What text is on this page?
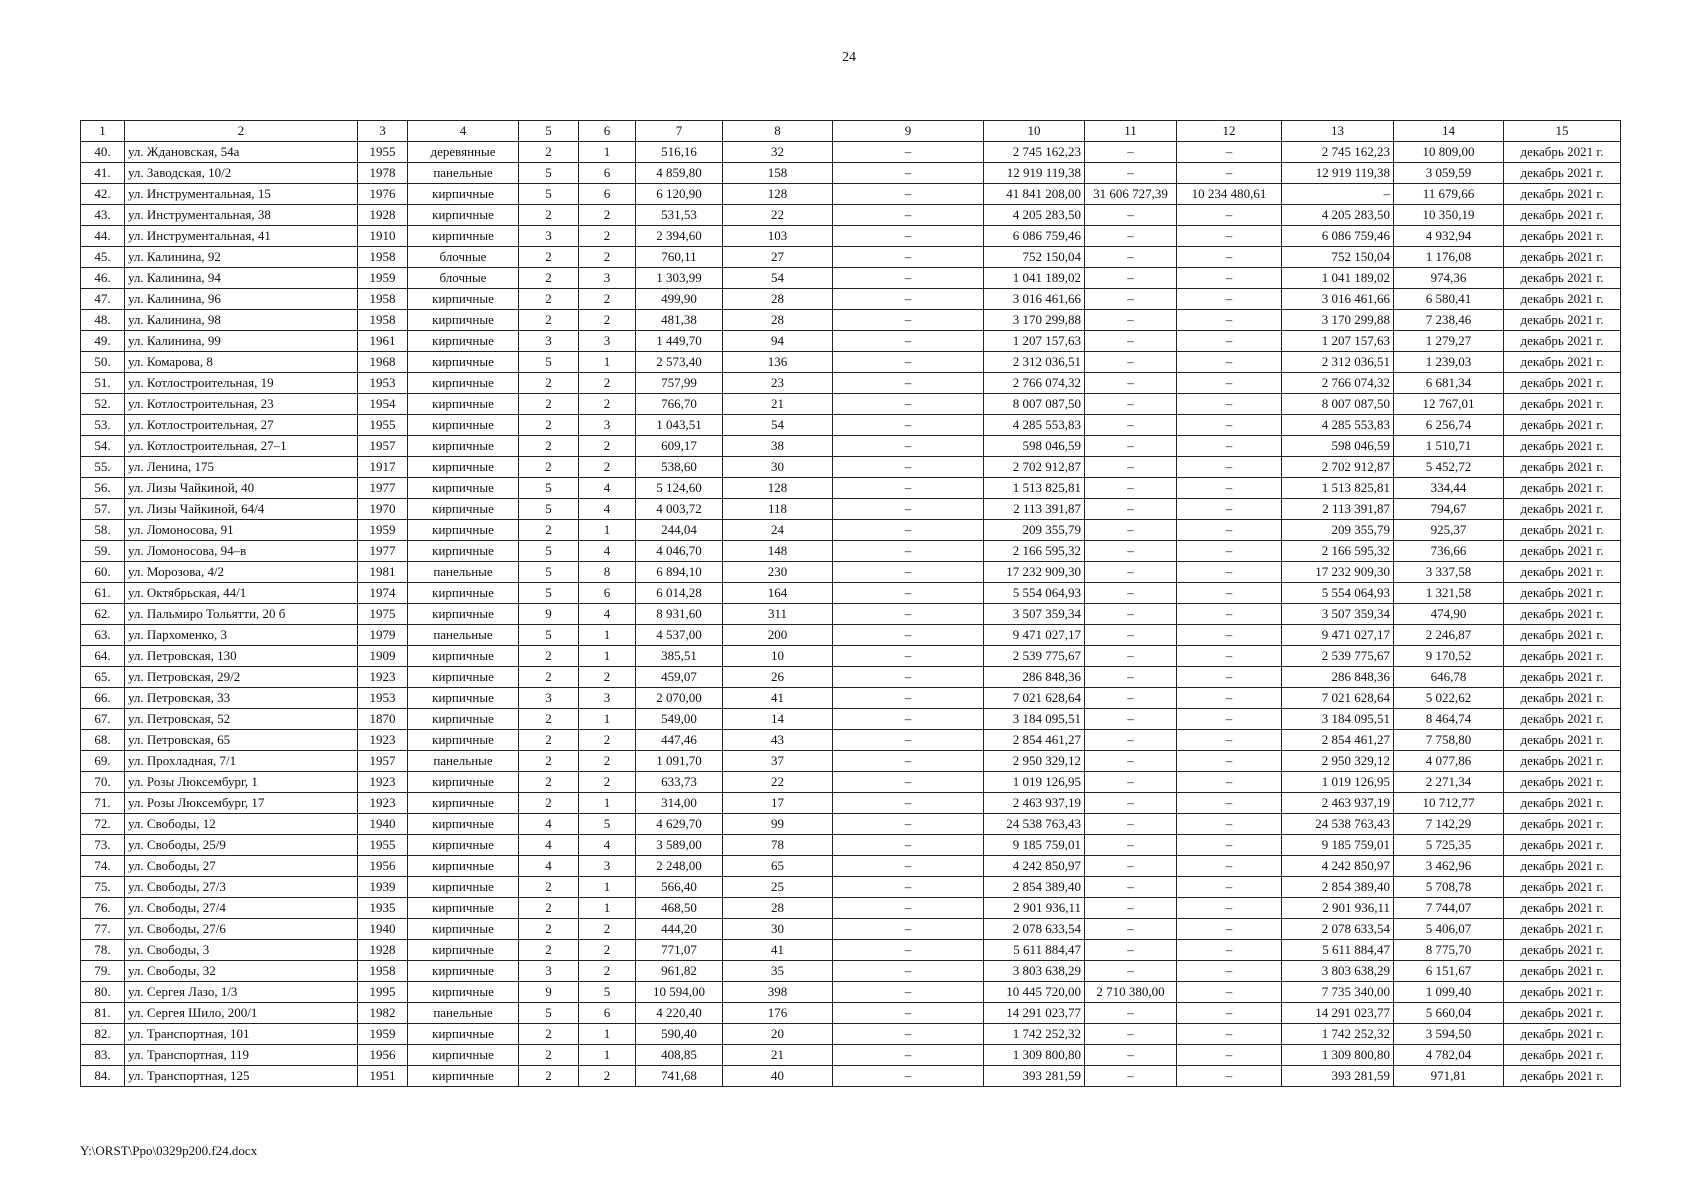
24
1	2	3	4	5	6	7	8	9	10	11	12	13	14	15
40.	ул. Ждановская, 54а	1955	деревянные	2	1	516,16	32	–	2 745 162,23	–	–	2 745 162,23	10 809,00	декабрь 2021 г.
41.	ул. Заводская, 10/2	1978	панельные	5	6	4 859,80	158	–	12 919 119,38	–	–	12 919 119,38	3 059,59	декабрь 2021 г.
42.	ул. Инструментальная, 15	1976	кирпичные	5	6	6 120,90	128	–	41 841 208,00	31 606 727,39	10 234 480,61	–	11 679,66	декабрь 2021 г.
43.	ул. Инструментальная, 38	1928	кирпичные	2	2	531,53	22	–	4 205 283,50	–	–	4 205 283,50	10 350,19	декабрь 2021 г.
44.	ул. Инструментальная, 41	1910	кирпичные	3	2	2 394,60	103	–	6 086 759,46	–	–	6 086 759,46	4 932,94	декабрь 2021 г.
45.	ул. Калинина, 92	1958	блочные	2	2	760,11	27	–	752 150,04	–	–	752 150,04	1 176,08	декабрь 2021 г.
46.	ул. Калинина, 94	1959	блочные	2	3	1 303,99	54	–	1 041 189,02	–	–	1 041 189,02	974,36	декабрь 2021 г.
47.	ул. Калинина, 96	1958	кирпичные	2	2	499,90	28	–	3 016 461,66	–	–	3 016 461,66	6 580,41	декабрь 2021 г.
48.	ул. Калинина, 98	1958	кирпичные	2	2	481,38	28	–	3 170 299,88	–	–	3 170 299,88	7 238,46	декабрь 2021 г.
49.	ул. Калинина, 99	1961	кирпичные	3	3	1 449,70	94	–	1 207 157,63	–	–	1 207 157,63	1 279,27	декабрь 2021 г.
50.	ул. Комарова, 8	1968	кирпичные	5	1	2 573,40	136	–	2 312 036,51	–	–	2 312 036,51	1 239,03	декабрь 2021 г.
51.	ул. Котлостроительная, 19	1953	кирпичные	2	2	757,99	23	–	2 766 074,32	–	–	2 766 074,32	6 681,34	декабрь 2021 г.
52.	ул. Котлостроительная, 23	1954	кирпичные	2	2	766,70	21	–	8 007 087,50	–	–	8 007 087,50	12 767,01	декабрь 2021 г.
53.	ул. Котлостроительная, 27	1955	кирпичные	2	3	1 043,51	54	–	4 285 553,83	–	–	4 285 553,83	6 256,74	декабрь 2021 г.
54.	ул. Котлостроительная, 27–1	1957	кирпичные	2	2	609,17	38	–	598 046,59	–	–	598 046,59	1 510,71	декабрь 2021 г.
55.	ул. Ленина, 175	1917	кирпичные	2	2	538,60	30	–	2 702 912,87	–	–	2 702 912,87	5 452,72	декабрь 2021 г.
56.	ул. Лизы Чайкиной, 40	1977	кирпичные	5	4	5 124,60	128	–	1 513 825,81	–	–	1 513 825,81	334,44	декабрь 2021 г.
57.	ул. Лизы Чайкиной, 64/4	1970	кирпичные	5	4	4 003,72	118	–	2 113 391,87	–	–	2 113 391,87	794,67	декабрь 2021 г.
58.	ул. Ломоносова, 91	1959	кирпичные	2	1	244,04	24	–	209 355,79	–	–	209 355,79	925,37	декабрь 2021 г.
59.	ул. Ломоносова, 94–в	1977	кирпичные	5	4	4 046,70	148	–	2 166 595,32	–	–	2 166 595,32	736,66	декабрь 2021 г.
60.	ул. Морозова, 4/2	1981	панельные	5	8	6 894,10	230	–	17 232 909,30	–	–	17 232 909,30	3 337,58	декабрь 2021 г.
61.	ул. Октябрьская, 44/1	1974	кирпичные	5	6	6 014,28	164	–	5 554 064,93	–	–	5 554 064,93	1 321,58	декабрь 2021 г.
62.	ул. Пальмиро Тольятти, 20 б	1975	кирпичные	9	4	8 931,60	311	–	3 507 359,34	–	–	3 507 359,34	474,90	декабрь 2021 г.
63.	ул. Пархоменко, 3	1979	панельные	5	1	4 537,00	200	–	9 471 027,17	–	–	9 471 027,17	2 246,87	декабрь 2021 г.
64.	ул. Петровская, 130	1909	кирпичные	2	1	385,51	10	–	2 539 775,67	–	–	2 539 775,67	9 170,52	декабрь 2021 г.
65.	ул. Петровская, 29/2	1923	кирпичные	2	2	459,07	26	–	286 848,36	–	–	286 848,36	646,78	декабрь 2021 г.
66.	ул. Петровская, 33	1953	кирпичные	3	3	2 070,00	41	–	7 021 628,64	–	–	7 021 628,64	5 022,62	декабрь 2021 г.
67.	ул. Петровская, 52	1870	кирпичные	2	1	549,00	14	–	3 184 095,51	–	–	3 184 095,51	8 464,74	декабрь 2021 г.
68.	ул. Петровская, 65	1923	кирпичные	2	2	447,46	43	–	2 854 461,27	–	–	2 854 461,27	7 758,80	декабрь 2021 г.
69.	ул. Прохладная, 7/1	1957	панельные	2	2	1 091,70	37	–	2 950 329,12	–	–	2 950 329,12	4 077,86	декабрь 2021 г.
70.	ул. Розы Люксембург, 1	1923	кирпичные	2	2	633,73	22	–	1 019 126,95	–	–	1 019 126,95	2 271,34	декабрь 2021 г.
71.	ул. Розы Люксембург, 17	1923	кирпичные	2	1	314,00	17	–	2 463 937,19	–	–	2 463 937,19	10 712,77	декабрь 2021 г.
72.	ул. Свободы, 12	1940	кирпичные	4	5	4 629,70	99	–	24 538 763,43	–	–	24 538 763,43	7 142,29	декабрь 2021 г.
73.	ул. Свободы, 25/9	1955	кирпичные	4	4	3 589,00	78	–	9 185 759,01	–	–	9 185 759,01	5 725,35	декабрь 2021 г.
74.	ул. Свободы, 27	1956	кирпичные	4	3	2 248,00	65	–	4 242 850,97	–	–	4 242 850,97	3 462,96	декабрь 2021 г.
75.	ул. Свободы, 27/3	1939	кирпичные	2	1	566,40	25	–	2 854 389,40	–	–	2 854 389,40	5 708,78	декабрь 2021 г.
76.	ул. Свободы, 27/4	1935	кирпичные	2	1	468,50	28	–	2 901 936,11	–	–	2 901 936,11	7 744,07	декабрь 2021 г.
77.	ул. Свободы, 27/6	1940	кирпичные	2	2	444,20	30	–	2 078 633,54	–	–	2 078 633,54	5 406,07	декабрь 2021 г.
78.	ул. Свободы, 3	1928	кирпичные	2	2	771,07	41	–	5 611 884,47	–	–	5 611 884,47	8 775,70	декабрь 2021 г.
79.	ул. Свободы, 32	1958	кирпичные	3	2	961,82	35	–	3 803 638,29	–	–	3 803 638,29	6 151,67	декабрь 2021 г.
80.	ул. Сергея Лазо, 1/3	1995	кирпичные	9	5	10 594,00	398	–	10 445 720,00	2 710 380,00	–	7 735 340,00	1 099,40	декабрь 2021 г.
81.	ул. Сергея Шило, 200/1	1982	панельные	5	6	4 220,40	176	–	14 291 023,77	–	–	14 291 023,77	5 660,04	декабрь 2021 г.
82.	ул. Транспортная, 101	1959	кирпичные	2	1	590,40	20	–	1 742 252,32	–	–	1 742 252,32	3 594,50	декабрь 2021 г.
83.	ул. Транспортная, 119	1956	кирпичные	2	1	408,85	21	–	1 309 800,80	–	–	1 309 800,80	4 782,04	декабрь 2021 г.
84.	ул. Транспортная, 125	1951	кирпичные	2	2	741,68	40	–	393 281,59	–	–	393 281,59	971,81	декабрь 2021 г.
Y:\ORST\Ppo\0329p200.f24.docx
